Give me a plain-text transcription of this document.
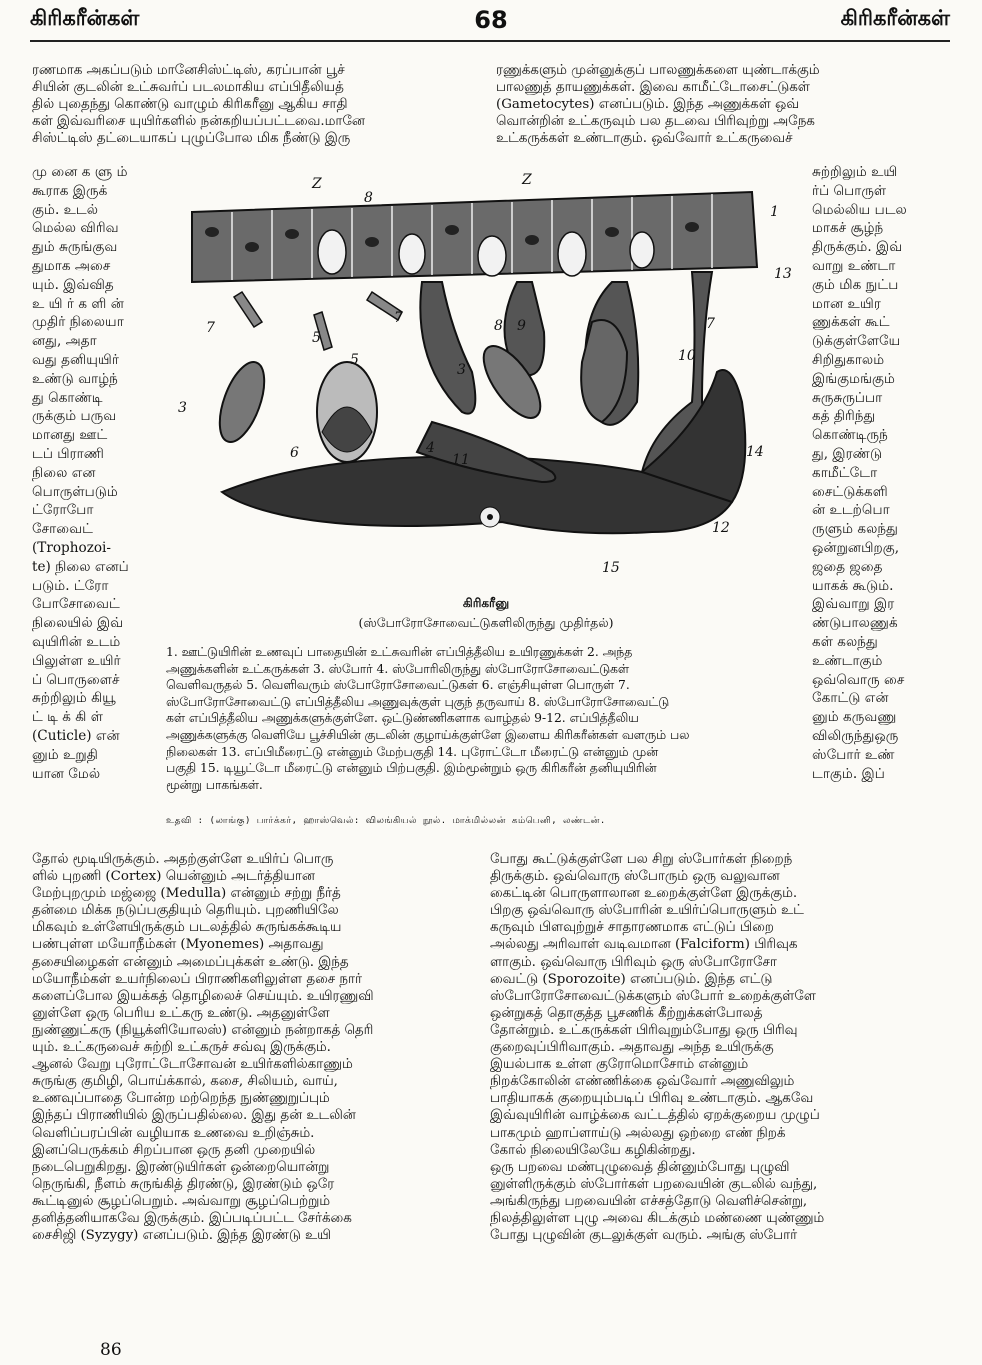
கிரிகரீன்கள்	68	கிரிகரீன்கள்
ரணமாக அகப்படும் மானேசிஸ்ட்டிஸ், கரப்பான் பூச்
சியின் குடலின் உட்சுவர்ப் படலமாகிய எப்பிதீலியத்
தில் புதைந்து கொண்டு வாழும் கிரிகரீனு ஆகிய சாதி
கள் இவ்வரிசை யுயிர்களில் நன்கறியப்பட்டவை.மானே
சிஸ்ட்டிஸ் தட்டையாகப் புழுப்போல மிக நீண்டு இரு
ரணுக்களும் முன்னுக்குப் பாலணுக்களை யுண்டாக்கும்
பாலணுத் தாயணுக்கள். இவை காமீட்டோசைட்டுகள்
(Gametocytes) எனப்படும். இந்த அணுக்கள் ஒவ்
வொன்றின் உட்கருவும் பல தடவை பிரிவுற்று அநேக
உட்கருக்கள் உண்டாகும். ஒவ்வோர் உட்கருவைச்
மு னை க ளு ம்
கூராக இருக்
கும். உடல்
மெல்ல விரிவ
தும் சுருங்குவ
துமாக அசை
யும். இவ்வித
உ யி ர் க ளி ன்
முதிர் நிலையா
னது, அதா
வது தனியுயிர்
உண்டு வாழ்ந்
து கொண்டி
ருக்கும் பருவ
மானது ஊட்
டப் பிராணி
நிலை என
பொருள்படும்
ட்ரோபோ
சோவைட்
(Trophozoi-
te) நிலை எனப்
படும். ட்ரோ
போசோவைட்
நிலையில் இவ்
வுயிரின் உடம்
பிலுள்ள உயிர்
ப் பொருளைச்
சுற்றிலும் கியூ
ட் டி க் கி ள்
(Cuticle) என்
னும் உறுதி
யான மேல்
சுற்றிலும் உயி
ர்ப் பொருள்
மெல்லிய படல
மாகச் சூழ்ந்
திருக்கும். இவ்
வாறு உண்டா
கும் மிக நுட்ப
மான உயிர
ணுக்கள் கூட்
டுக்குள்ளேயே
சிறிதுகாலம்
இங்குமங்கும்
சுருசுருப்பா
கத் திரிந்து
கொண்டிருந்
து, இரண்டு
காமீட்டோ
சைட்டுக்களி
ன் உடற்பொ
ருளும் கலந்து
ஒன்றுனபிறகு,
ஜதை ஜதை
யாகக் கூடும்.
இவ்வாறு இர
ண்டுபாலணுக்
கள் கலந்து
உண்டாகும்
ஒவ்வொரு சை
கோட்டு என்
னும் கருவணு
விலிருந்துஒரு
ஸ்போர் உண்
டாகும். இப்
Z
8
Z
1
13
7
7	7
5
5
8 9
10
3
3
6	4
11	14
12
15
கிரிகரீனு
(ஸ்போரோசோவைட்டுகளிலிருந்து முதிர்தல்)
1. ஊட்டுயிரின் உணவுப் பாதையின் உட்சுவரின் எப்பித்தீலிய உயிரணுக்கள் 2. அந்த
அணுக்களின் உட்கருக்கள் 3. ஸ்போர் 4. ஸ்போரிலிருந்து ஸ்போரோசோவைட்டுகள்
வெளிவருதல் 5. வெளிவரும் ஸ்போரோசோவைட்டுகள் 6. எஞ்சியுள்ள பொருள் 7.
ஸ்போரோசோவைட்டு எப்பித்தீலிய அணுவுக்குள் புகுந் தருவாய் 8. ஸ்போரோசோவைட்டு
கள் எப்பித்தீலிய அணுக்களுக்குள்ளே. ஒட்டுண்ணிகளாக வாழ்தல் 9-12. எப்பித்தீலிய
அணுக்களுக்கு வெளியே பூச்சியின் குடலின் குழாய்க்குள்ளே இளைய கிரிகரீன்கள் வளரும் பல
நிலைகள் 13. எப்பிமீரைட்டு என்னும் மேற்பகுதி 14. புரோட்டோ மீரைட்டு என்னும் முன்
பகுதி 15. டியூட்டோ மீரைட்டு என்னும் பிற்பகுதி. இம்மூன்றும் ஒரு கிரிகரீன் தனியுயிரின்
மூன்று பாகங்கள்.
உதவி : (லாங்கு) பார்க்கர், ஹாஸ்வெல்: விலங்கியல் நூல். மாக்மில்லன் கம்பெனி, லண்டன்.
தோல் மூடியிருக்கும். அதற்குள்ளே உயிர்ப் பொரு
ளில் புறணி (Cortex) யென்னும் அடர்த்தியான
மேற்புறமும் மஜ்ஜை (Medulla) என்னும் சற்று நீர்த்
தன்மை மிக்க நடுப்பகுதியும் தெரியும். புறணியிலே
மிகவும் உள்ளேயிருக்கும் படலத்தில் சுருங்கக்கூடிய
பண்புள்ள மயோநீம்கள் (Myonemes) அதாவது
தசையிழைகள் என்னும் அமைப்புக்கள் உண்டு. இந்த
மயோநீம்கள் உயர்நிலைப் பிராணிகளிலுள்ள தசை நார்
களைப்போல இயக்கத் தொழிலைச் செய்யும். உயிரணுவி
னுள்ளே ஒரு பெரிய உட்கரு உண்டு. அதனுள்ளே
நுண்ணுட்கரு (நியூக்ளியோலஸ்) என்னும் நன்றாகத் தெரி
யும். உட்கருவைச் சுற்றி உட்கருச் சவ்வு இருக்கும்.
ஆனல் வேறு புரோட்டோசோவன் உயிர்களில்காணும்
சுருங்கு குமிழி, பொய்க்கால், கசை, சிலியம், வாய்,
உணவுப்பாதை போன்ற மற்றெந்த நுண்ணுறுப்பும்
இந்தப் பிராணியில் இருப்பதில்லை. இது தன் உடலின்
வெளிப்பரப்பின் வழியாக உணவை உறிஞ்சும்.
இனப்பெருக்கம் சிறப்பான ஒரு தனி முறையில்
நடைபெறுகிறது. இரண்டுயிர்கள் ஒன்றையொன்று
நெருங்கி, நீளம் சுருங்கித் திரண்டு, இரண்டும் ஒரே
கூட்டினுல் சூழப்பெறும். அவ்வாறு சூழப்பெற்றும்
தனித்தனியாகவே இருக்கும். இப்படிப்பட்ட சேர்க்கை
சைசிஜி (Syzygy) எனப்படும். இந்த இரண்டு உயி
போது கூட்டுக்குள்ளே பல சிறு ஸ்போர்கள் நிறைந்
திருக்கும். ஒவ்வொரு ஸ்போரும் ஒரு வலுவான
கைட்டின் பொருளாலான உறைக்குள்ளே இருக்கும்.
பிறகு ஒவ்வொரு ஸ்போரின் உயிர்ப்பொருளும் உட்
கருவும் பிளவுற்றுச் சாதாரணமாக எட்டுப் பிறை
அல்லது அரிவாள் வடிவமான (Falciform) பிரிவுக
ளாகும். ஒவ்வொரு பிரிவும் ஒரு ஸ்போரோசோ
வைட்டு (Sporozoite) எனப்படும். இந்த எட்டு
ஸ்போரோசோவைட்டுக்களும் ஸ்போர் உறைக்குள்ளே
ஒன்றுகத் தொகுத்த பூசணிக் கீற்றுக்கள்போலத்
தோன்றும். உட்கருக்கள் பிரிவுறும்போது ஒரு பிரிவு
குறைவுப்பிரிவாகும். அதாவது அந்த உயிருக்கு
இயல்பாக உள்ள குரோமொசோம் என்னும்
நிறக்கோலின் எண்ணிக்கை ஒவ்வோர் அணுவிலும்
பாதியாகக் குறையும்படிப் பிரிவு உண்டாகும். ஆகவே
இவ்வுயிரின் வாழ்க்கை வட்டத்தில் ஏறக்குறைய முழுப்
பாகமும் ஹாப்ளாய்டு அல்லது ஒற்றை எண் நிறக்
கோல் நிலையிலேயே கழிகின்றது.
ஒரு பறவை மண்புழுவைத் தின்னும்போது புழுவி
னுள்ளிருக்கும் ஸ்போர்கள் பறவையின் குடலில் வந்து,
அங்கிருந்து பறவையின் எச்சத்தோடு வெளிச்சென்று,
நிலத்திலுள்ள புழு அவை கிடக்கும் மண்ணை யுண்ணும்
போது புழுவின் குடலுக்குள் வரும். அங்கு ஸ்போர்
86
